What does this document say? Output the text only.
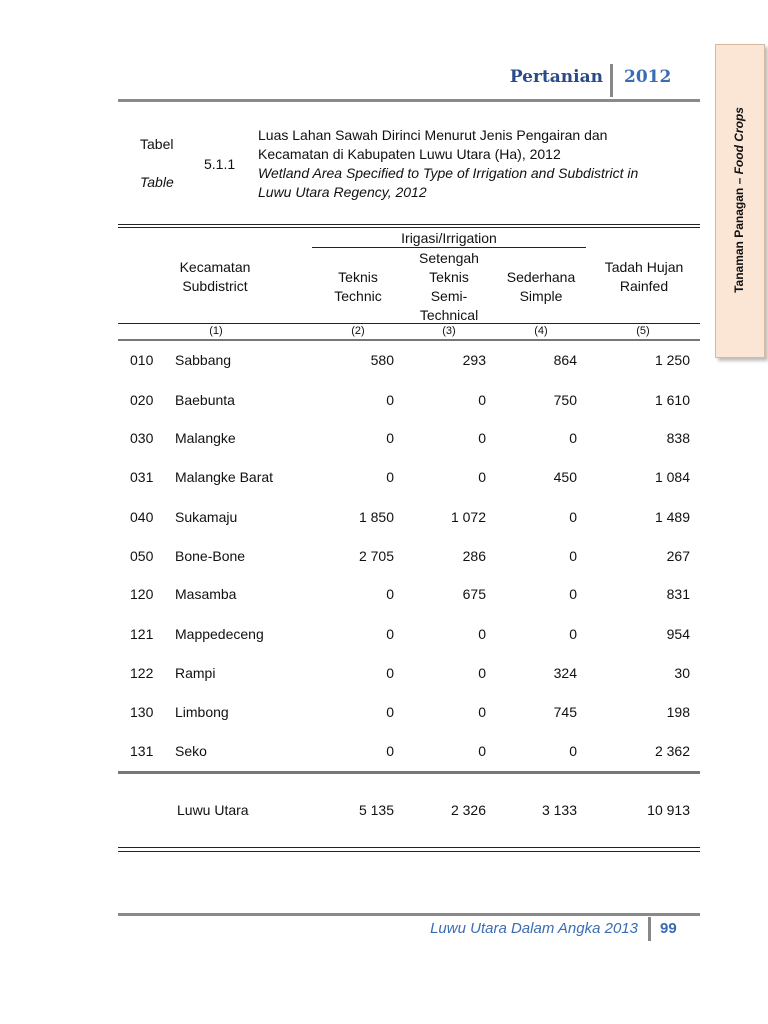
Pertanian 2012
Tanaman Panagan – Food Crops
Tabel
Table
5.1.1
Luas Lahan Sawah Dirinci Menurut Jenis Pengairan dan
Kecamatan di Kabupaten Luwu Utara (Ha), 2012
Wetland Area Specified to Type of Irrigation and Subdistrict in
Luwu Utara Regency, 2012
Irigasi/Irrigation
Kecamatan
Subdistrict
Teknis
Technic
Setengah
Teknis
Semi-
Technical
Sederhana
Simple
Tadah Hujan
Rainfed
(1)	(2)	(3)	(4)	(5)
010 Sabbang	580	293	864	1 250
020 Baebunta	0	0	750	1 610
030 Malangke	0	0	0	838
031 Malangke Barat	0	0	450	1 084
040 Sukamaju	1 850	1 072	0	1 489
050 Bone-Bone	2 705	286	0	267
120 Masamba	0	675	0	831
121 Mappedeceng	0	0	0	954
122 Rampi	0	0	324	30
130 Limbong	0	0	745	198
131 Seko	0	0	0	2 362
Luwu Utara	5 135	2 326	3 133	10 913
Luwu Utara Dalam Angka 2013 99
